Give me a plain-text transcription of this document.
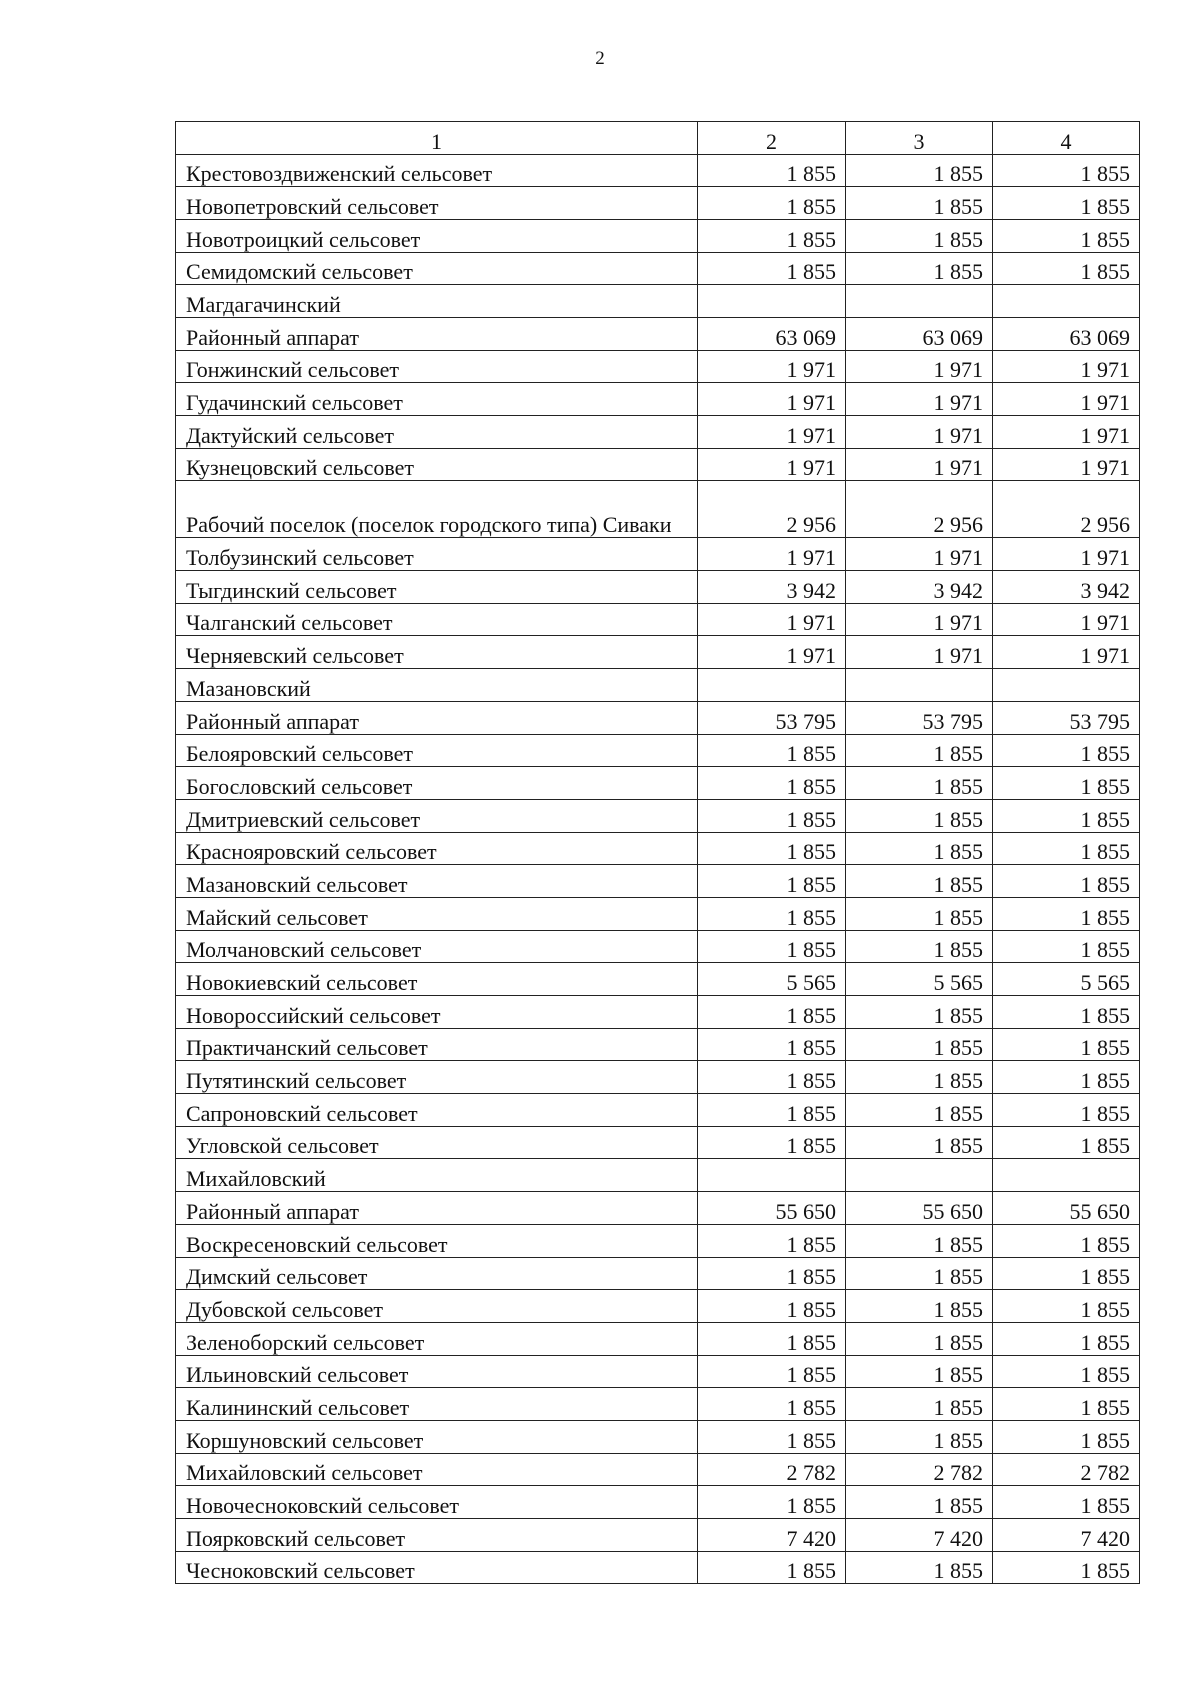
2
1	2	3	4
Крестовоздвиженский сельсовет	1 855	1 855	1 855
Новопетровский сельсовет	1 855	1 855	1 855
Новотроицкий сельсовет	1 855	1 855	1 855
Семидомский сельсовет	1 855	1 855	1 855
Магдагачинский			
Районный аппарат	63 069	63 069	63 069
Гонжинский сельсовет	1 971	1 971	1 971
Гудачинский сельсовет	1 971	1 971	1 971
Дактуйский сельсовет	1 971	1 971	1 971
Кузнецовский сельсовет	1 971	1 971	1 971
Рабочий поселок (поселок городского типа) Сиваки	2 956	2 956	2 956
Толбузинский сельсовет	1 971	1 971	1 971
Тыгдинский сельсовет	3 942	3 942	3 942
Чалганский сельсовет	1 971	1 971	1 971
Черняевский сельсовет	1 971	1 971	1 971
Мазановский			
Районный аппарат	53 795	53 795	53 795
Белояровский сельсовет	1 855	1 855	1 855
Богословский сельсовет	1 855	1 855	1 855
Дмитриевский сельсовет	1 855	1 855	1 855
Краснояровский сельсовет	1 855	1 855	1 855
Мазановский сельсовет	1 855	1 855	1 855
Майский сельсовет	1 855	1 855	1 855
Молчановский сельсовет	1 855	1 855	1 855
Новокиевский сельсовет	5 565	5 565	5 565
Новороссийский сельсовет	1 855	1 855	1 855
Практичанский сельсовет	1 855	1 855	1 855
Путятинский сельсовет	1 855	1 855	1 855
Сапроновский сельсовет	1 855	1 855	1 855
Угловской сельсовет	1 855	1 855	1 855
Михайловский			
Районный аппарат	55 650	55 650	55 650
Воскресеновский сельсовет	1 855	1 855	1 855
Димский сельсовет	1 855	1 855	1 855
Дубовской сельсовет	1 855	1 855	1 855
Зеленоборский сельсовет	1 855	1 855	1 855
Ильиновский сельсовет	1 855	1 855	1 855
Калининский сельсовет	1 855	1 855	1 855
Коршуновский сельсовет	1 855	1 855	1 855
Михайловский сельсовет	2 782	2 782	2 782
Новочесноковский сельсовет	1 855	1 855	1 855
Поярковский сельсовет	7 420	7 420	7 420
Чесноковский сельсовет	1 855	1 855	1 855
